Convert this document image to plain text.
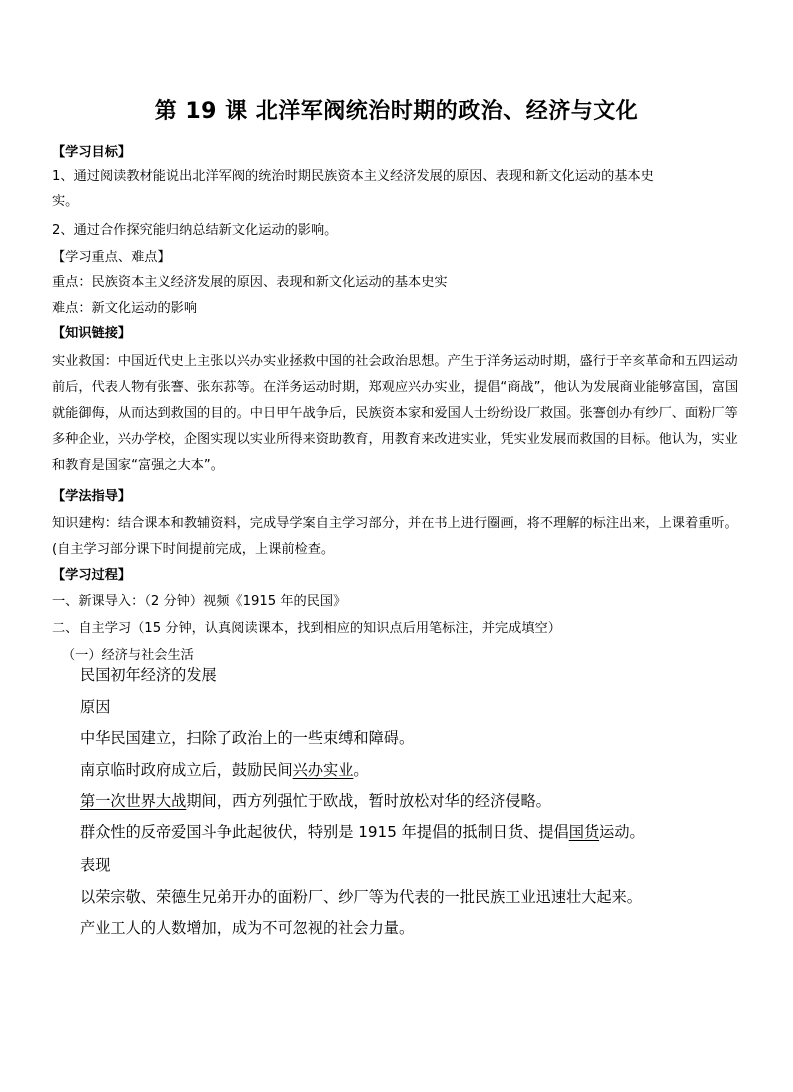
第 19 课 北洋军阀统治时期的政治、经济与文化
【学习目标】
1、通过阅读教材能说出北洋军阀的统治时期民族资本主义经济发展的原因、表现和新文化运动的基本史
实。
2、通过合作探究能归纳总结新文化运动的影响。
【学习重点、难点】
重点：民族资本主义经济发展的原因、表现和新文化运动的基本史实
难点：新文化运动的影响
【知识链接】
实业救国：中国近代史上主张以兴办实业拯救中国的社会政治思想。产生于洋务运动时期，盛行于辛亥革命和五四运动前后，代表人物有张謇、张东荪等。在洋务运动时期，郑观应兴办实业，提倡“商战”，他认为发展商业能够富国，富国就能御侮，从而达到救国的目的。中日甲午战争后，民族资本家和爱国人士纷纷设厂救国。张謇创办有纱厂、面粉厂等多种企业，兴办学校，企图实现以实业所得来资助教育，用教育来改进实业，凭实业发展而救国的目标。他认为，实业和教育是国家“富强之大本”。
【学法指导】
知识建构：结合课本和教辅资料，完成导学案自主学习部分，并在书上进行圈画，将不理解的标注出来，上课着重听。(自主学习部分课下时间提前完成，上课前检查。
【学习过程】
一、新课导入：（2 分钟）视频《1915 年的民国》
二、自主学习（15 分钟，认真阅读课本，找到相应的知识点后用笔标注，并完成填空）
（一）经济与社会生活
民国初年经济的发展
原因
中华民国建立，扫除了政治上的一些束缚和障碍。
南京临时政府成立后，鼓励民间兴办实业。
第一次世界大战期间，西方列强忙于欧战，暂时放松对华的经济侵略。
群众性的反帝爱国斗争此起彼伏，特别是 1915 年提倡的抵制日货、提倡国货运动。
表现
以荣宗敬、荣德生兄弟开办的面粉厂、纱厂等为代表的一批民族工业迅速壮大起来。
产业工人的人数增加，成为不可忽视的社会力量。
